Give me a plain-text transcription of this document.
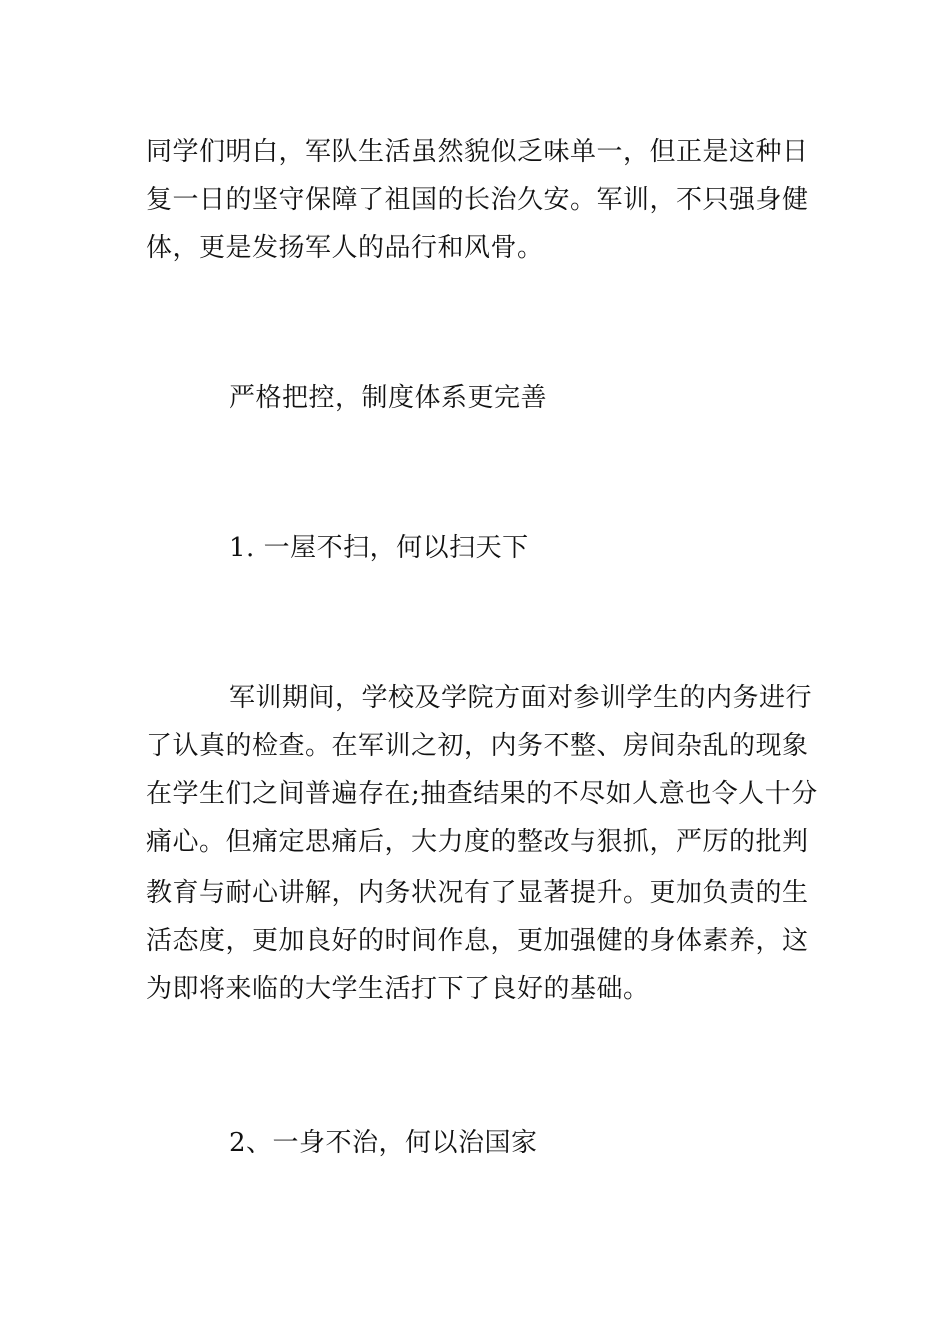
同学们明白，军队生活虽然貌似乏味单一，但正是这种日
复一日的坚守保障了祖国的长治久安。军训，不只强身健
体，更是发扬军人的品行和风骨。
严格把控，制度体系更完善
1. 一屋不扫，何以扫天下
军训期间，学校及学院方面对参训学生的内务进行
了认真的检查。在军训之初，内务不整、房间杂乱的现象
在学生们之间普遍存在;抽查结果的不尽如人意也令人十分
痛心。但痛定思痛后，大力度的整改与狠抓，严厉的批判
教育与耐心讲解，内务状况有了显著提升。更加负责的生
活态度，更加良好的时间作息，更加强健的身体素养，这
为即将来临的大学生活打下了良好的基础。
2、一身不治，何以治国家
